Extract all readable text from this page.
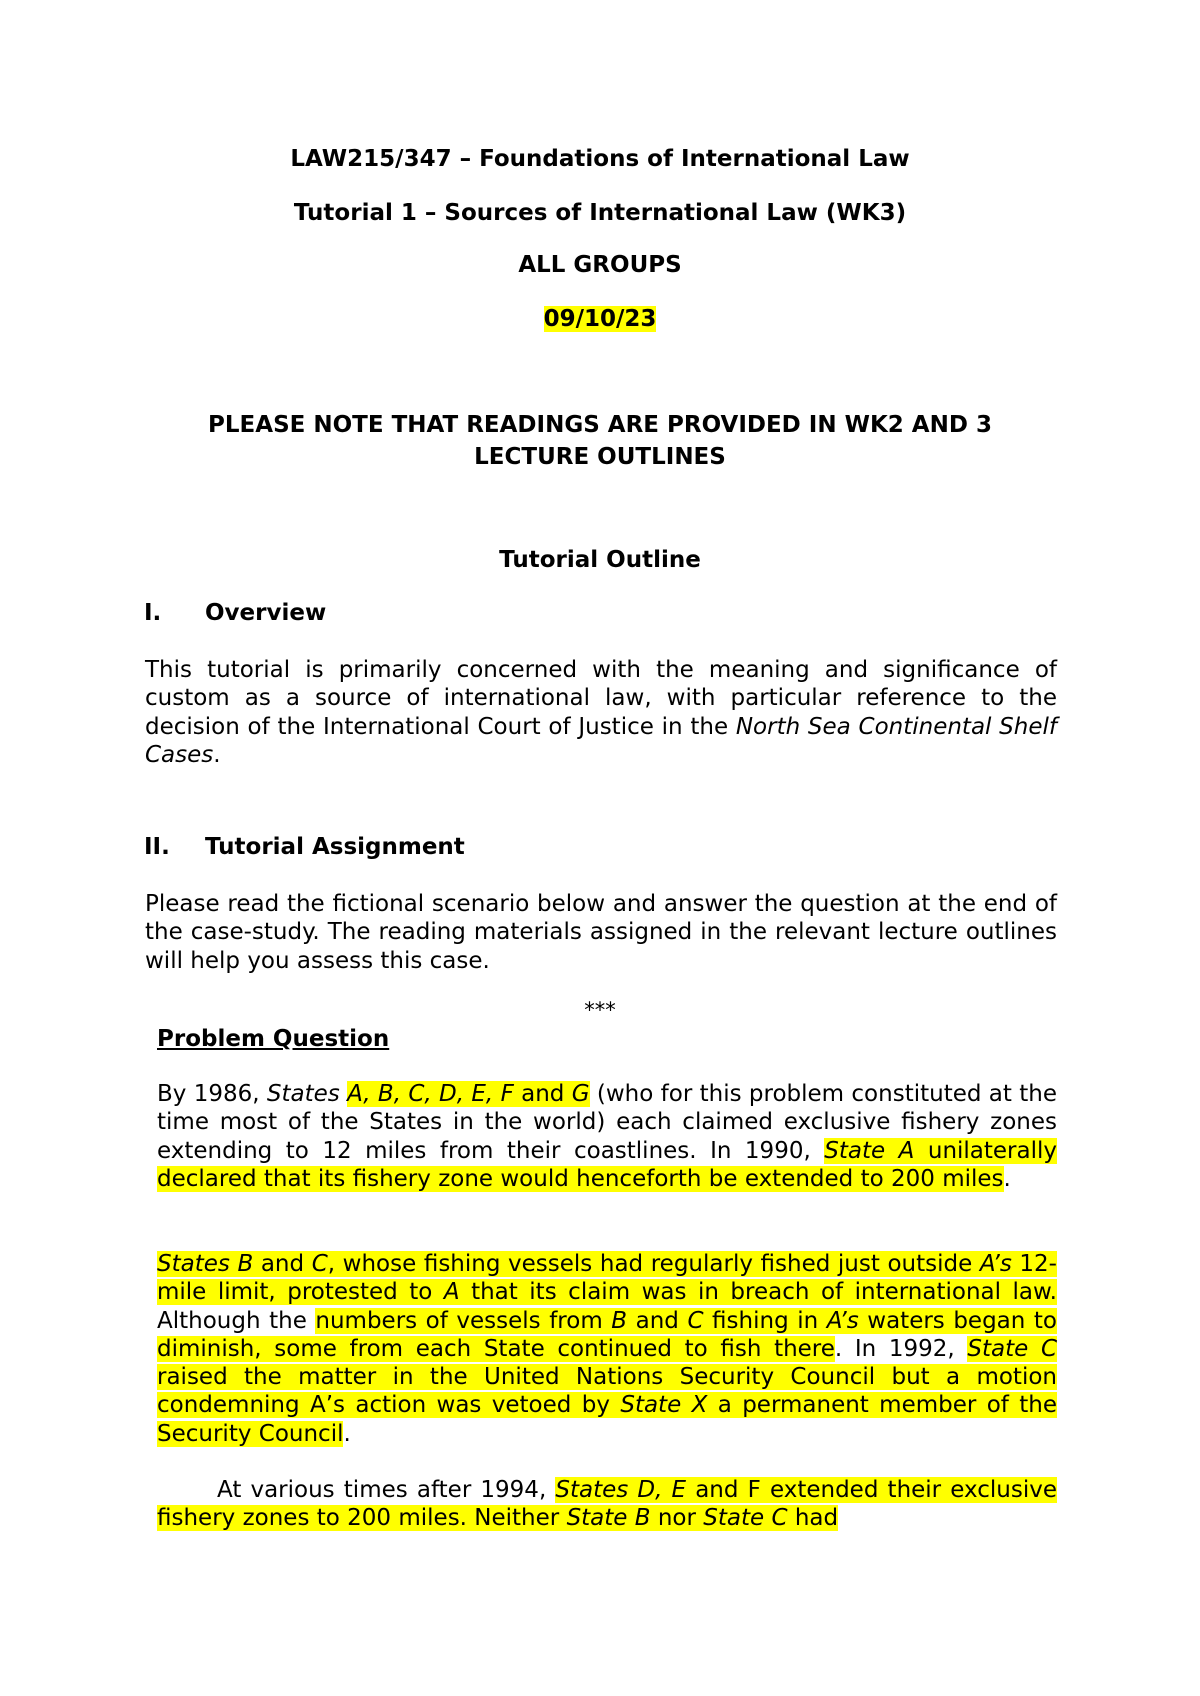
LAW215/347 – Foundations of International Law
Tutorial 1 – Sources of International Law (WK3)
ALL GROUPS
09/10/23
PLEASE NOTE THAT READINGS ARE PROVIDED IN WK2 AND 3
LECTURE OUTLINES
Tutorial Outline
I. Overview
This tutorial is primarily concerned with the meaning and significance of custom as a source of international law, with particular reference to the decision of the International Court of Justice in the North Sea Continental Shelf Cases.
II. Tutorial Assignment
Please read the fictional scenario below and answer the question at the end of the case-study. The reading materials assigned in the relevant lecture outlines will help you assess this case.
***
Problem Question
By 1986, States A, B, C, D, E, F and G (who for this problem constituted at the time most of the States in the world) each claimed exclusive fishery zones extending to 12 miles from their coastlines. In 1990, State A unilaterally declared that its fishery zone would henceforth be extended to 200 miles.
States B and C, whose fishing vessels had regularly fished just outside A’s 12-mile limit, protested to A that its claim was in breach of international law. Although the numbers of vessels from B and C fishing in A’s waters began to diminish, some from each State continued to fish there. In 1992, State C raised the matter in the United Nations Security Council but a motion condemning A’s action was vetoed by State X a permanent member of the Security Council.
At various times after 1994, States D, E and F extended their exclusive fishery zones to 200 miles. Neither State B nor State C had
